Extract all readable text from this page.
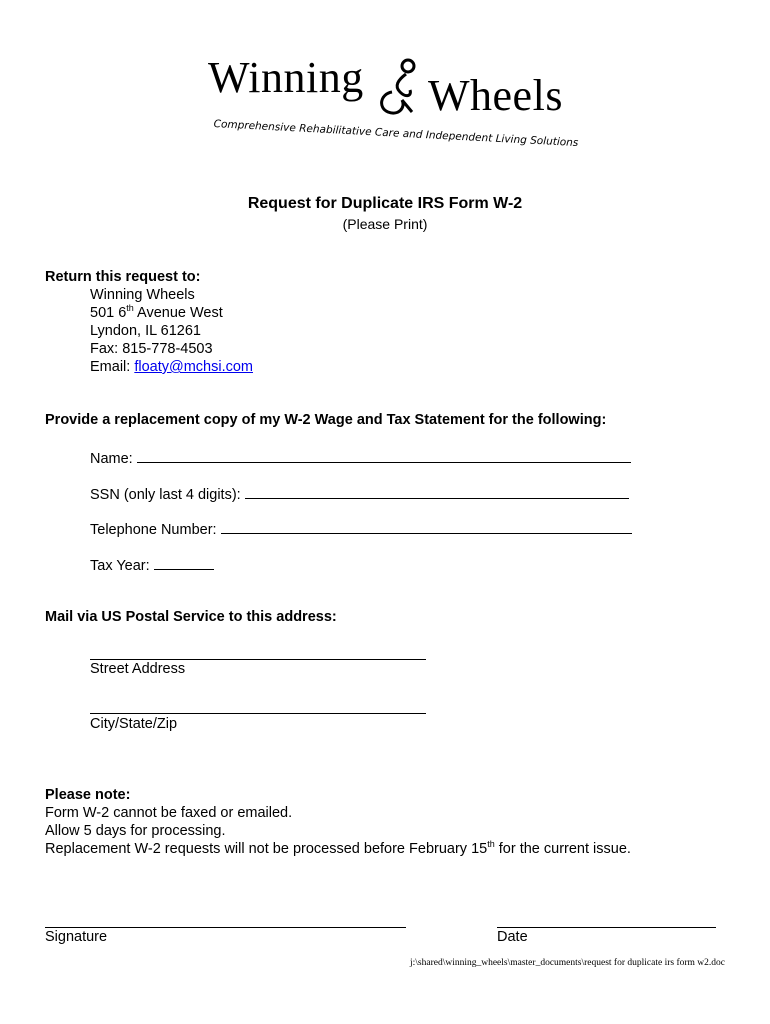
Winning Wheels
Comprehensive Rehabilitative Care and Independent Living Solutions
Request for Duplicate IRS Form W-2
(Please Print)
Return this request to:
Winning Wheels
501 6th Avenue West
Lyndon, IL 61261
Fax: 815-778-4503
Email: floaty@mchsi.com
Provide a replacement copy of my W-2 Wage and Tax Statement for the following:
Name:
SSN (only last 4 digits):
Telephone Number:
Tax Year:
Mail via US Postal Service to this address:
Street Address
City/State/Zip
Please note:
Form W-2 cannot be faxed or emailed.
Allow 5 days for processing.
Replacement W-2 requests will not be processed before February 15th for the current issue.
Signature	Date
j:\shared\winning_wheels\master_documents\request for duplicate irs form w2.doc
